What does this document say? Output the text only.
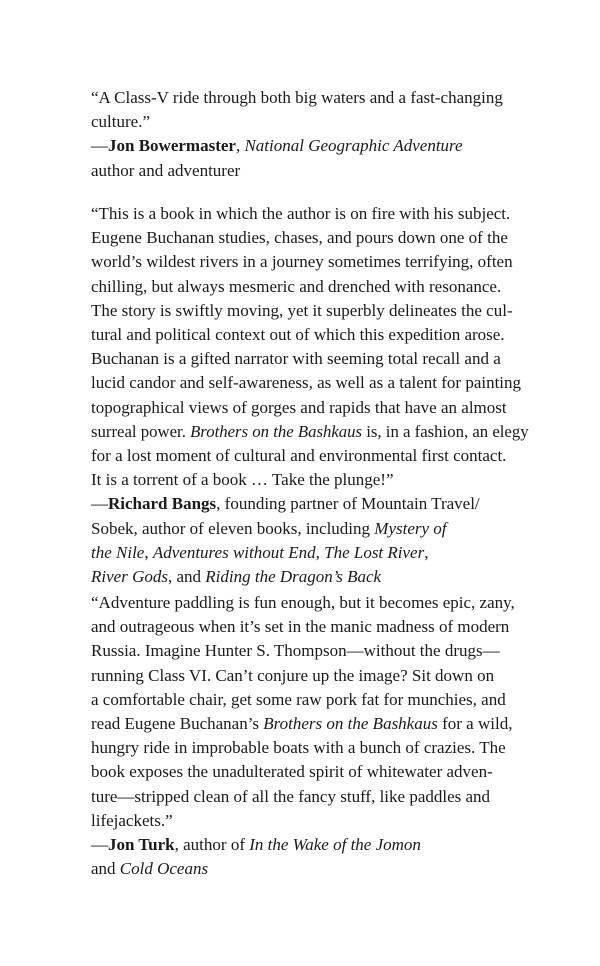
“A Class-V ride through both big waters and a fast-changing
culture.”
—Jon Bowermaster, National Geographic Adventure
author and adventurer
“This is a book in which the author is on fire with his subject.
Eugene Buchanan studies, chases, and pours down one of the
world’s wildest rivers in a journey sometimes terrifying, often
chilling, but always mesmeric and drenched with resonance.
The story is swiftly moving, yet it superbly delineates the cul-
tural and political context out of which this expedition arose.
Buchanan is a gifted narrator with seeming total recall and a
lucid candor and self-awareness, as well as a talent for painting
topographical views of gorges and rapids that have an almost
surreal power. Brothers on the Bashkaus is, in a fashion, an elegy
for a lost moment of cultural and environmental first contact.
It is a torrent of a book … Take the plunge!”
—Richard Bangs, founding partner of Mountain Travel/
Sobek, author of eleven books, including Mystery of
the Nile, Adventures without End, The Lost River,
River Gods, and Riding the Dragon’s Back
“Adventure paddling is fun enough, but it becomes epic, zany,
and outrageous when it’s set in the manic madness of modern
Russia. Imagine Hunter S. Thompson—without the drugs—
running Class VI. Can’t conjure up the image? Sit down on
a comfortable chair, get some raw pork fat for munchies, and
read Eugene Buchanan’s Brothers on the Bashkaus for a wild,
hungry ride in improbable boats with a bunch of crazies. The
book exposes the unadulterated spirit of whitewater adven-
ture—stripped clean of all the fancy stuff, like paddles and
lifejackets.”
—Jon Turk, author of In the Wake of the Jomon
and Cold Oceans
